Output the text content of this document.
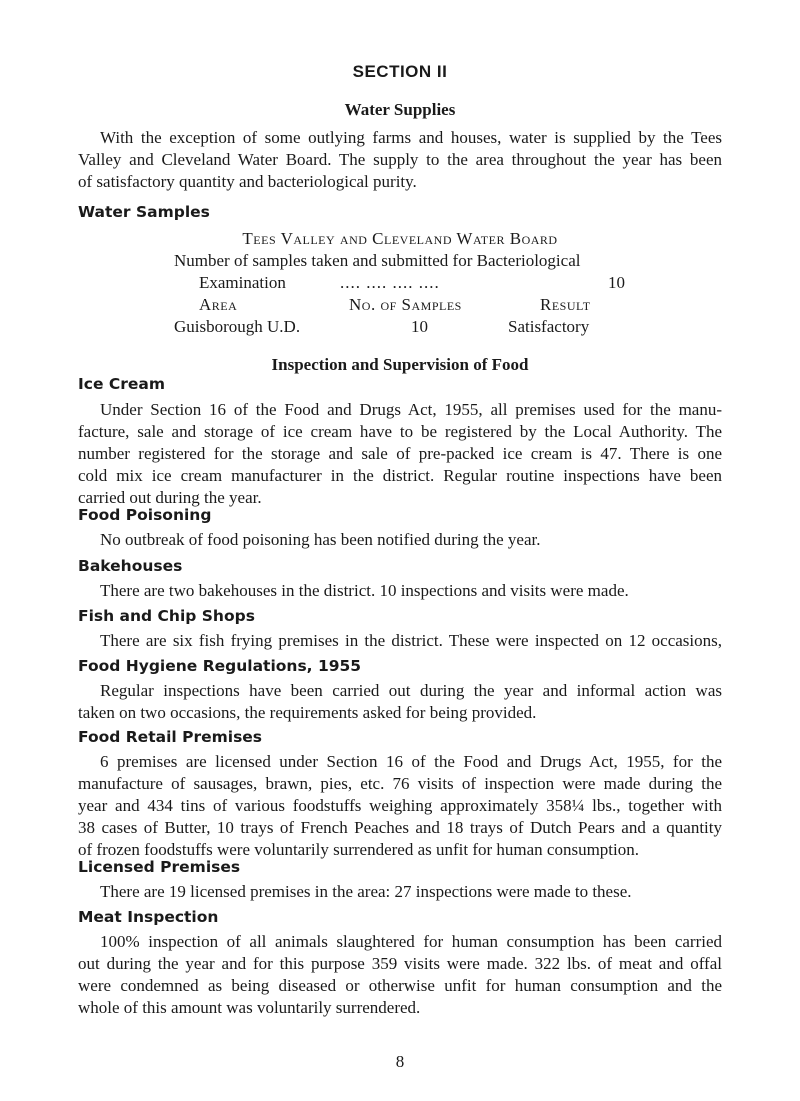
SECTION II
Water Supplies
With the exception of some outlying farms and houses, water is supplied by the Tees
Valley and Cleveland Water Board. The supply to the area throughout the year has been
of satisfactory quantity and bacteriological purity.
Water Samples
Tees Valley and Cleveland Water Board
Number of samples taken and submitted for Bacteriological
Examination	.... .... .... ....	10
Area	No. of Samples	Result
Guisborough U.D.	10	Satisfactory
Inspection and Supervision of Food
Ice Cream
Under Section 16 of the Food and Drugs Act, 1955, all premises used for the manu-
facture, sale and storage of ice cream have to be registered by the Local Authority. The
number registered for the storage and sale of pre-packed ice cream is 47. There is one
cold mix ice cream manufacturer in the district. Regular routine inspections have been
carried out during the year.
Food Poisoning
No outbreak of food poisoning has been notified during the year.
Bakehouses
There are two bakehouses in the district. 10 inspections and visits were made.
Fish and Chip Shops
There are six fish frying premises in the district. These were inspected on 12 occasions,
Food Hygiene Regulations, 1955
Regular inspections have been carried out during the year and informal action was
taken on two occasions, the requirements asked for being provided.
Food Retail Premises
6 premises are licensed under Section 16 of the Food and Drugs Act, 1955, for the
manufacture of sausages, brawn, pies, etc. 76 visits of inspection were made during the
year and 434 tins of various foodstuffs weighing approximately 358¼ lbs., together with
38 cases of Butter, 10 trays of French Peaches and 18 trays of Dutch Pears and a quantity
of frozen foodstuffs were voluntarily surrendered as unfit for human consumption.
Licensed Premises
There are 19 licensed premises in the area: 27 inspections were made to these.
Meat Inspection
100% inspection of all animals slaughtered for human consumption has been carried
out during the year and for this purpose 359 visits were made. 322 lbs. of meat and offal
were condemned as being diseased or otherwise unfit for human consumption and the
whole of this amount was voluntarily surrendered.
8
